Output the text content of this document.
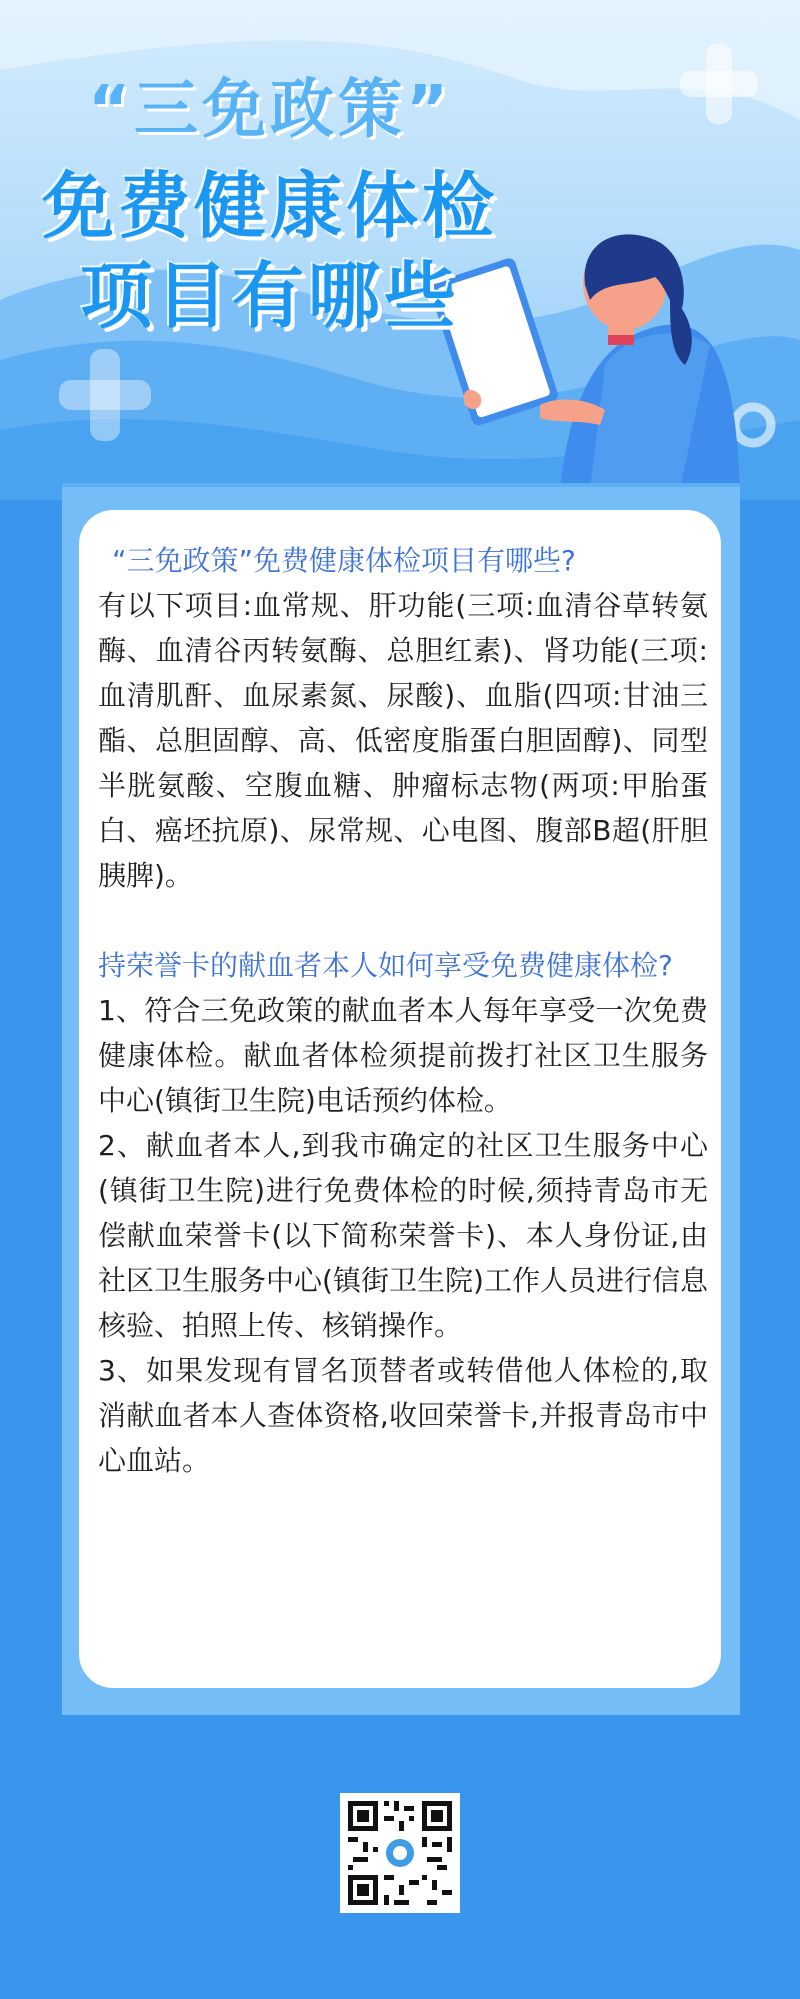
“三免政策”
免费健康体检
项目有哪些

“三免政策”免费健康体检项目有哪些?

有以下项目:血常规、肝功能(三项:血清谷草转氨酶、血清谷丙转氨酶、总胆红素)、肾功能(三项:血清肌酐、血尿素氮、尿酸)、血脂(四项:甘油三酯、总胆固醇、高、低密度脂蛋白胆固醇)、同型半胱氨酸、空腹血糖、肿瘤标志物(两项:甲胎蛋白、癌坯抗原)、尿常规、心电图、腹部B超(肝胆胰脾)。

持荣誉卡的献血者本人如何享受免费健康体检?

1、符合三免政策的献血者本人每年享受一次免费健康体检。献血者体检须提前拨打社区卫生服务中心(镇街卫生院)电话预约体检。

2、献血者本人,到我市确定的社区卫生服务中心(镇街卫生院)进行免费体检的时候,须持青岛市无偿献血荣誉卡(以下简称荣誉卡)、本人身份证,由社区卫生服务中心(镇街卫生院)工作人员进行信息核验、拍照上传、核销操作。

3、如果发现有冒名顶替者或转借他人体检的,取消献血者本人查体资格,收回荣誉卡,并报青岛市中心血站。
